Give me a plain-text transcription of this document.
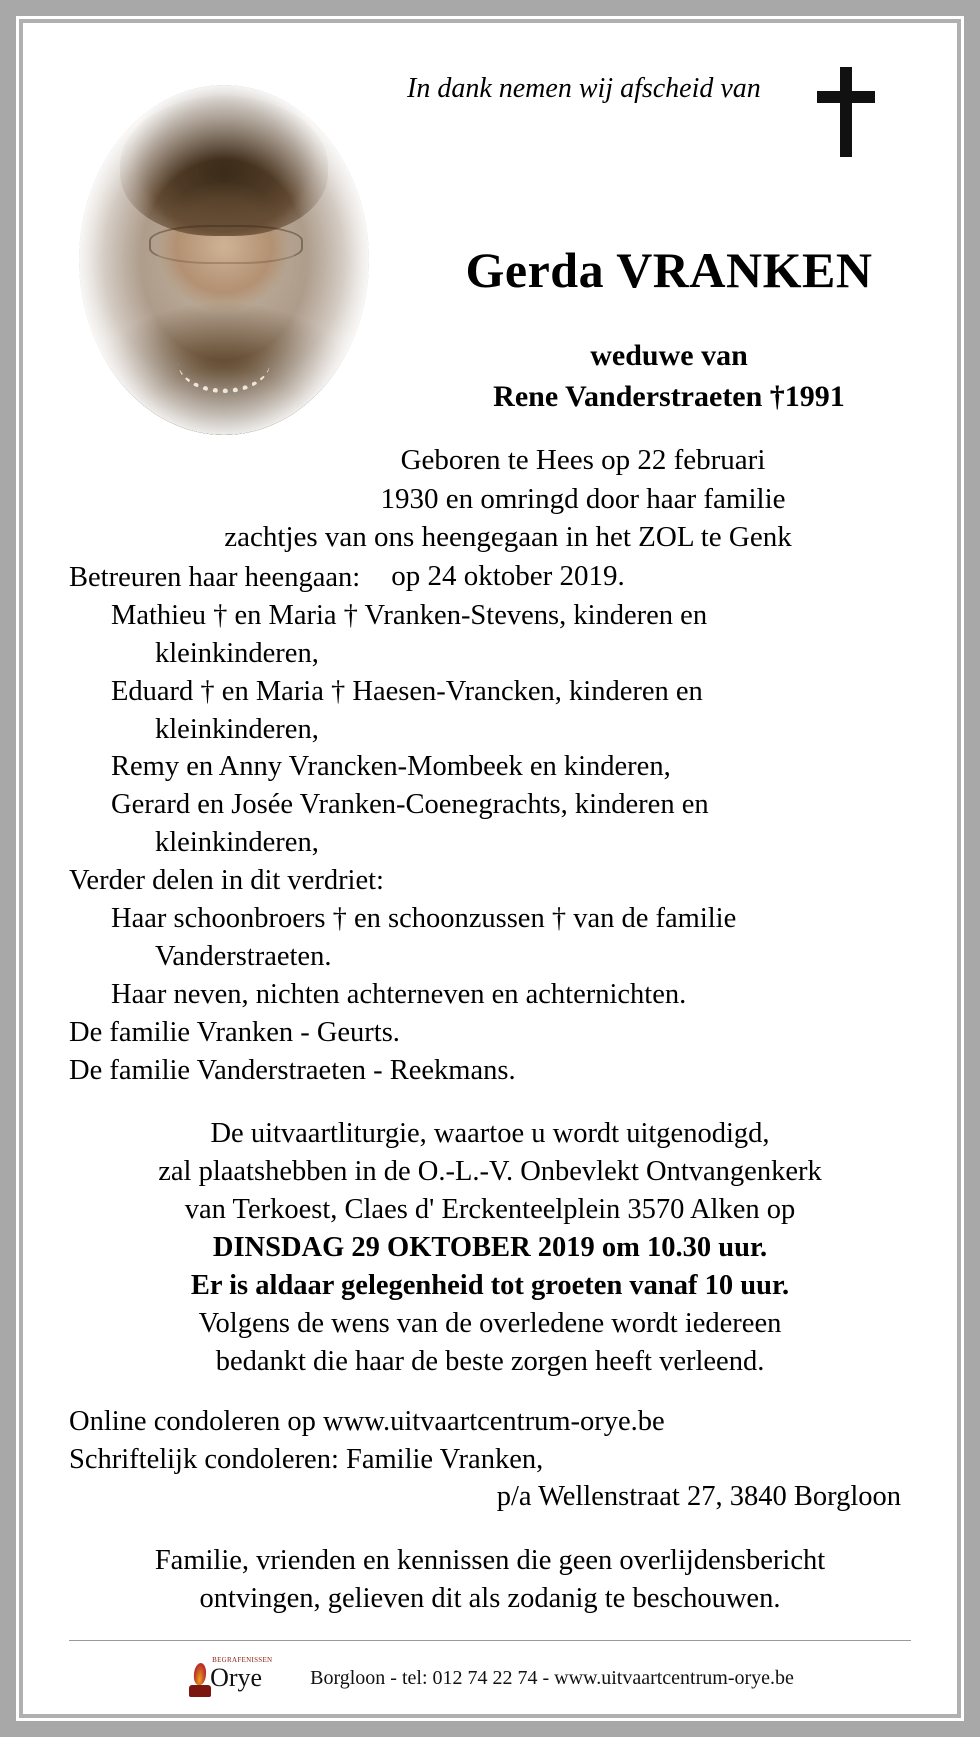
In dank nemen wij afscheid van
Gerda VRANKEN
weduwe van
Rene Vanderstraeten †1991
Geboren te Hees op 22 februari
1930 en omringd door haar familie
zachtjes van ons heengegaan in het ZOL te Genk
op 24 oktober 2019.
Betreuren haar heengaan:
Mathieu † en Maria † Vranken-Stevens, kinderen en
kleinkinderen,
Eduard † en Maria † Haesen-Vrancken, kinderen en
kleinkinderen,
Remy en Anny Vrancken-Mombeek en kinderen,
Gerard en Josée Vranken-Coenegrachts, kinderen en
kleinkinderen,
Verder delen in dit verdriet:
Haar schoonbroers † en schoonzussen † van de familie
Vanderstraeten.
Haar neven, nichten achterneven en achternichten.
De familie Vranken - Geurts.
De familie Vanderstraeten - Reekmans.
De uitvaartliturgie, waartoe u wordt uitgenodigd,
zal plaatshebben in de O.-L.-V. Onbevlekt Ontvangenkerk
van Terkoest, Claes d' Erckenteelplein 3570 Alken op
DINSDAG 29 OKTOBER 2019 om 10.30 uur.
Er is aldaar gelegenheid tot groeten vanaf 10 uur.
Volgens de wens van de overledene wordt iedereen
bedankt die haar de beste zorgen heeft verleend.
Online condoleren op www.uitvaartcentrum-orye.be
Schriftelijk condoleren: Familie Vranken,
p/a Wellenstraat 27, 3840 Borgloon
Familie, vrienden en kennissen die geen overlijdensbericht
ontvingen, gelieven dit als zodanig te beschouwen.
BEGRAFENISSEN
Orye Borgloon - tel: 012 74 22 74 - www.uitvaartcentrum-orye.be
